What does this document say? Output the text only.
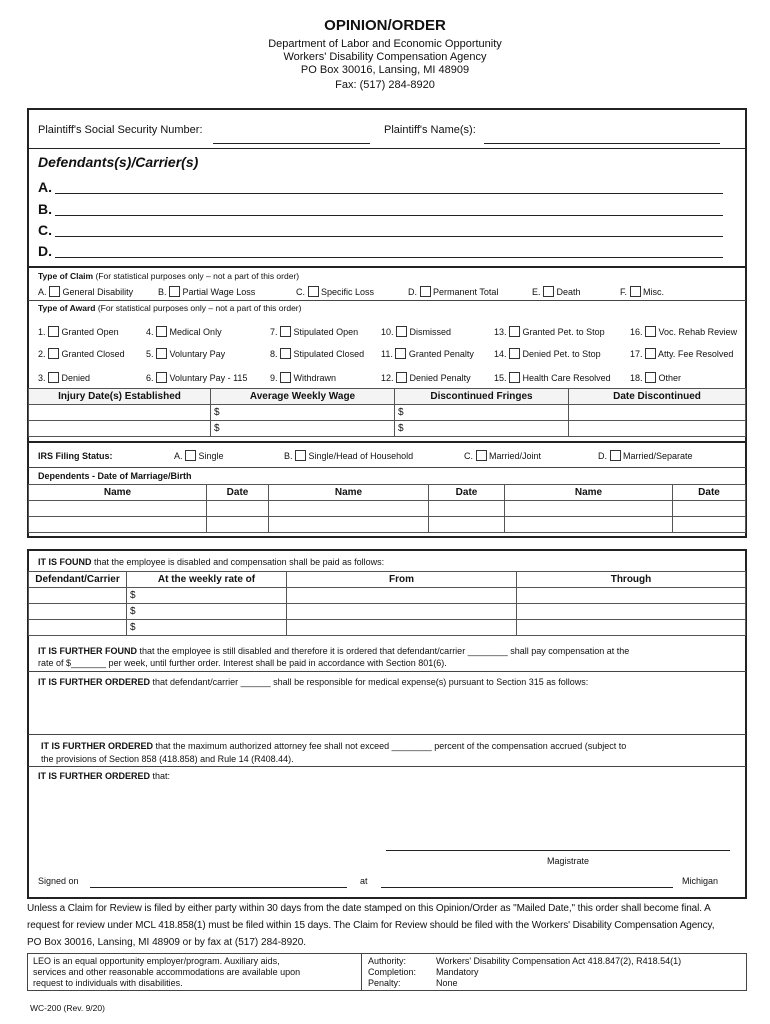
OPINION/ORDER
Department of Labor and Economic Opportunity
Workers' Disability Compensation Agency
PO Box 30016, Lansing, MI 48909
Fax: (517) 284-8920
Plaintiff's Social Security Number:	Plaintiff's Name(s):
Defendants(s)/Carrier(s)
A.
B.
C.
D.
Type of Claim (For statistical purposes only – not a part of this order)
A. General Disability	B. Partial Wage Loss	C. Specific Loss	D. Permanent Total	E. Death	F. Misc.
Type of Award (For statistical purposes only – not a part of this order)
1. Granted Open	4. Medical Only	7. Stipulated Open	10. Dismissed	13. Granted Pet. to Stop	16. Voc. Rehab Review
2. Granted Closed 5. Voluntary Pay	8. Stipulated Closed 11. Granted Penalty 14. Denied Pet. to Stop	17. Atty. Fee Resolved
3. Denied	6. Voluntary Pay - 115	9. Withdrawn	12. Denied Penalty	15. Health Care Resolved 18. Other
Injury Date(s) Established	Average Weekly Wage	Discontinued Fringes	Date Discontinued
	$	$	
	$	$	
IRS Filing Status:	A. Single	B. Single/Head of Household	C. Married/Joint	D. Married/Separate
Dependents - Date of Marriage/Birth
Name	Date	Name	Date	Name	Date

IT IS FOUND that the employee is disabled and compensation shall be paid as follows:
Defendant/Carrier	At the weekly rate of	From	Through
	$		
	$		
	$		
IT IS FURTHER FOUND that the employee is still disabled and therefore it is ordered that defendant/carrier ________ shall pay compensation at the
rate of $_______ per week, until further order. Interest shall be paid in accordance with Section 801(6).
IT IS FURTHER ORDERED that defendant/carrier ______ shall be responsible for medical expense(s) pursuant to Section 315 as follows:
IT IS FURTHER ORDERED that the maximum authorized attorney fee shall not exceed ________ percent of the compensation accrued (subject to
the provisions of Section 858 (418.858) and Rule 14 (R408.44).
IT IS FURTHER ORDERED that:
Magistrate
Signed on	at	Michigan
Unless a Claim for Review is filed by either party within 30 days from the date stamped on this Opinion/Order as "Mailed Date," this order shall become final. A
request for review under MCL 418.858(1) must be filed within 15 days. The Claim for Review should be filed with the Workers' Disability Compensation Agency,
PO Box 30016, Lansing, MI 48909 or by fax at (517) 284-8920.
LEO is an equal opportunity employer/program. Auxiliary aids,
services and other reasonable accommodations are available upon
request to individuals with disabilities.
Authority:	Workers' Disability Compensation Act 418.847(2), R418.54(1)
Completion: Mandatory
Penalty:	None
WC-200 (Rev. 9/20)
